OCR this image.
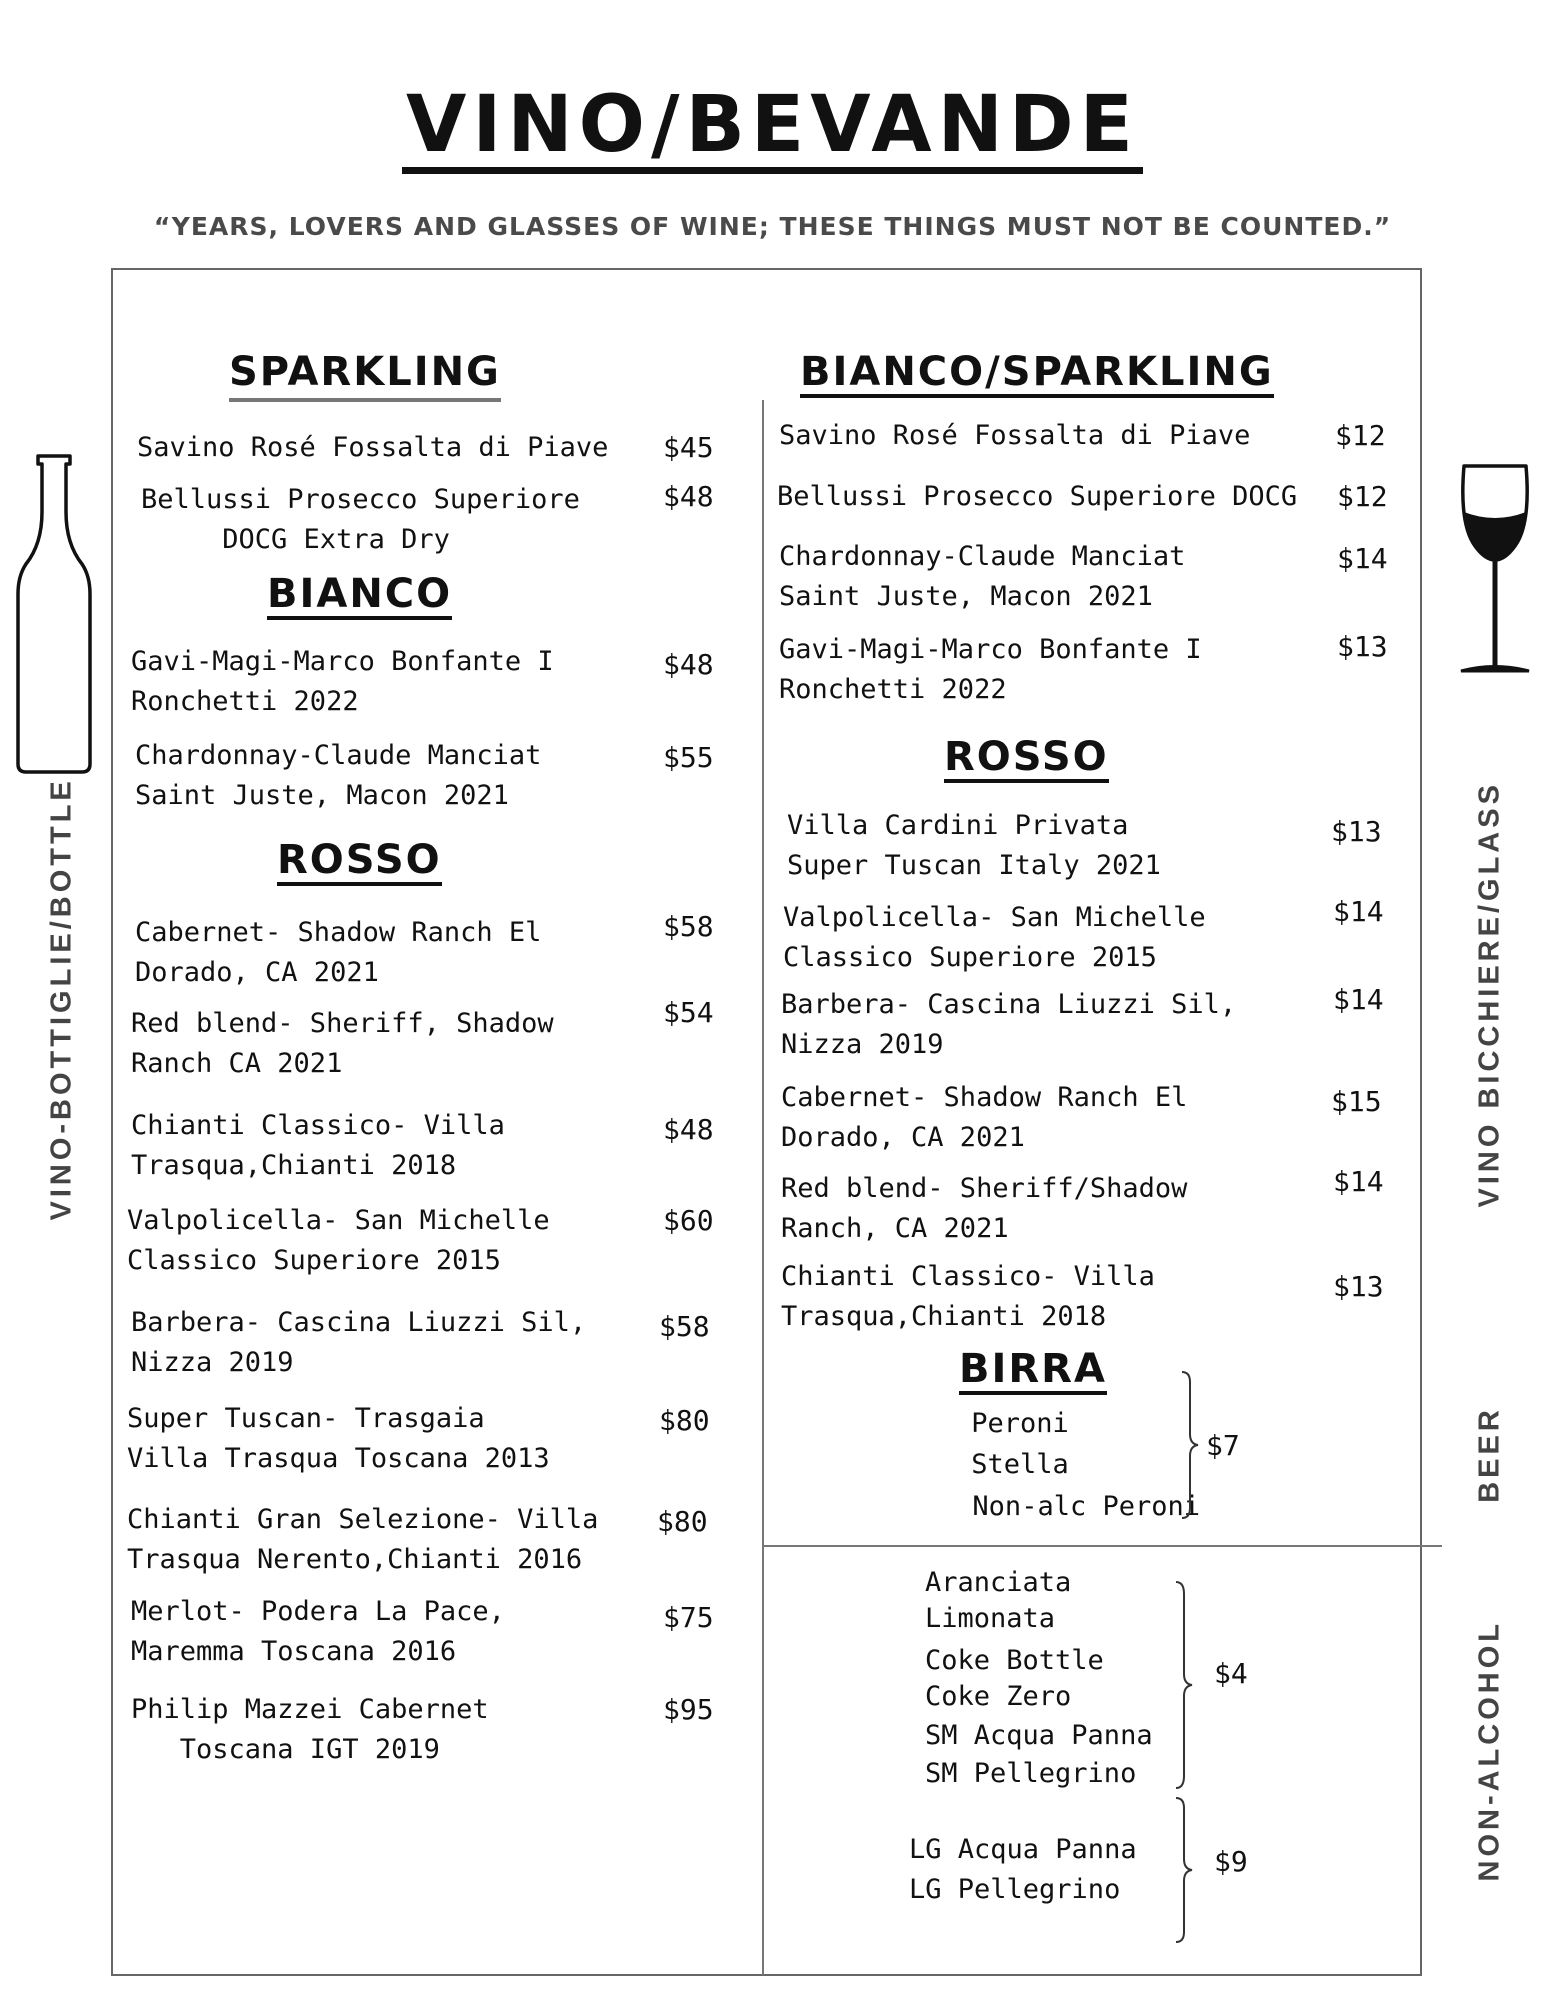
VINO/BEVANDE
“YEARS, LOVERS AND GLASSES OF WINE; THESE THINGS MUST NOT BE COUNTED.”
VINO-BOTTIGLIE/BOTTLE	VINO BICCHIERE/GLASS
BEER
NON-ALCOHOL
SPARKLING
Savino Rosé Fossalta di Piave $45
Bellussi Prosecco Superiore
DOCG Extra Dry
$48
BIANCO
Gavi-Magi-Marco Bonfante I
Ronchetti 2022
$48
Chardonnay-Claude Manciat
Saint Juste, Macon 2021
$55
ROSSO
Cabernet- Shadow Ranch El
Dorado, CA 2021
$58
Red blend- Sheriff, Shadow
Ranch CA 2021
$54
Chianti Classico- Villa
Trasqua,Chianti 2018
$48
Valpolicella- San Michelle
Classico Superiore 2015
$60
Barbera- Cascina Liuzzi Sil,
Nizza 2019
$58
Super Tuscan- Trasgaia
Villa Trasqua Toscana 2013
$80
Chianti Gran Selezione- Villa
Trasqua Nerento,Chianti 2016
$80
Merlot- Podera La Pace,
Maremma Toscana 2016
$75
Philip Mazzei Cabernet
Toscana IGT 2019
$95
BIANCO/SPARKLING
Savino Rosé Fossalta di Piave	$12
Bellussi Prosecco Superiore DOCG $12
Chardonnay-Claude Manciat
Saint Juste, Macon 2021
$14
Gavi-Magi-Marco Bonfante I
Ronchetti 2022
$13
ROSSO
Villa Cardini Privata
Super Tuscan Italy 2021
$13
Valpolicella- San Michelle
Classico Superiore 2015
$14
Barbera- Cascina Liuzzi Sil,
Nizza 2019
$14
Cabernet- Shadow Ranch El
Dorado, CA 2021
$15
Red blend- Sheriff/Shadow
Ranch, CA 2021
$14
Chianti Classico- Villa
Trasqua,Chianti 2018
$13
BIRRA
Peroni
Stella
Non-alc Peroni
$7
Aranciata
Limonata
Coke Bottle
Coke Zero
SM Acqua Panna
SM Pellegrino
$4
LG Acqua Panna
LG Pellegrino
$9
